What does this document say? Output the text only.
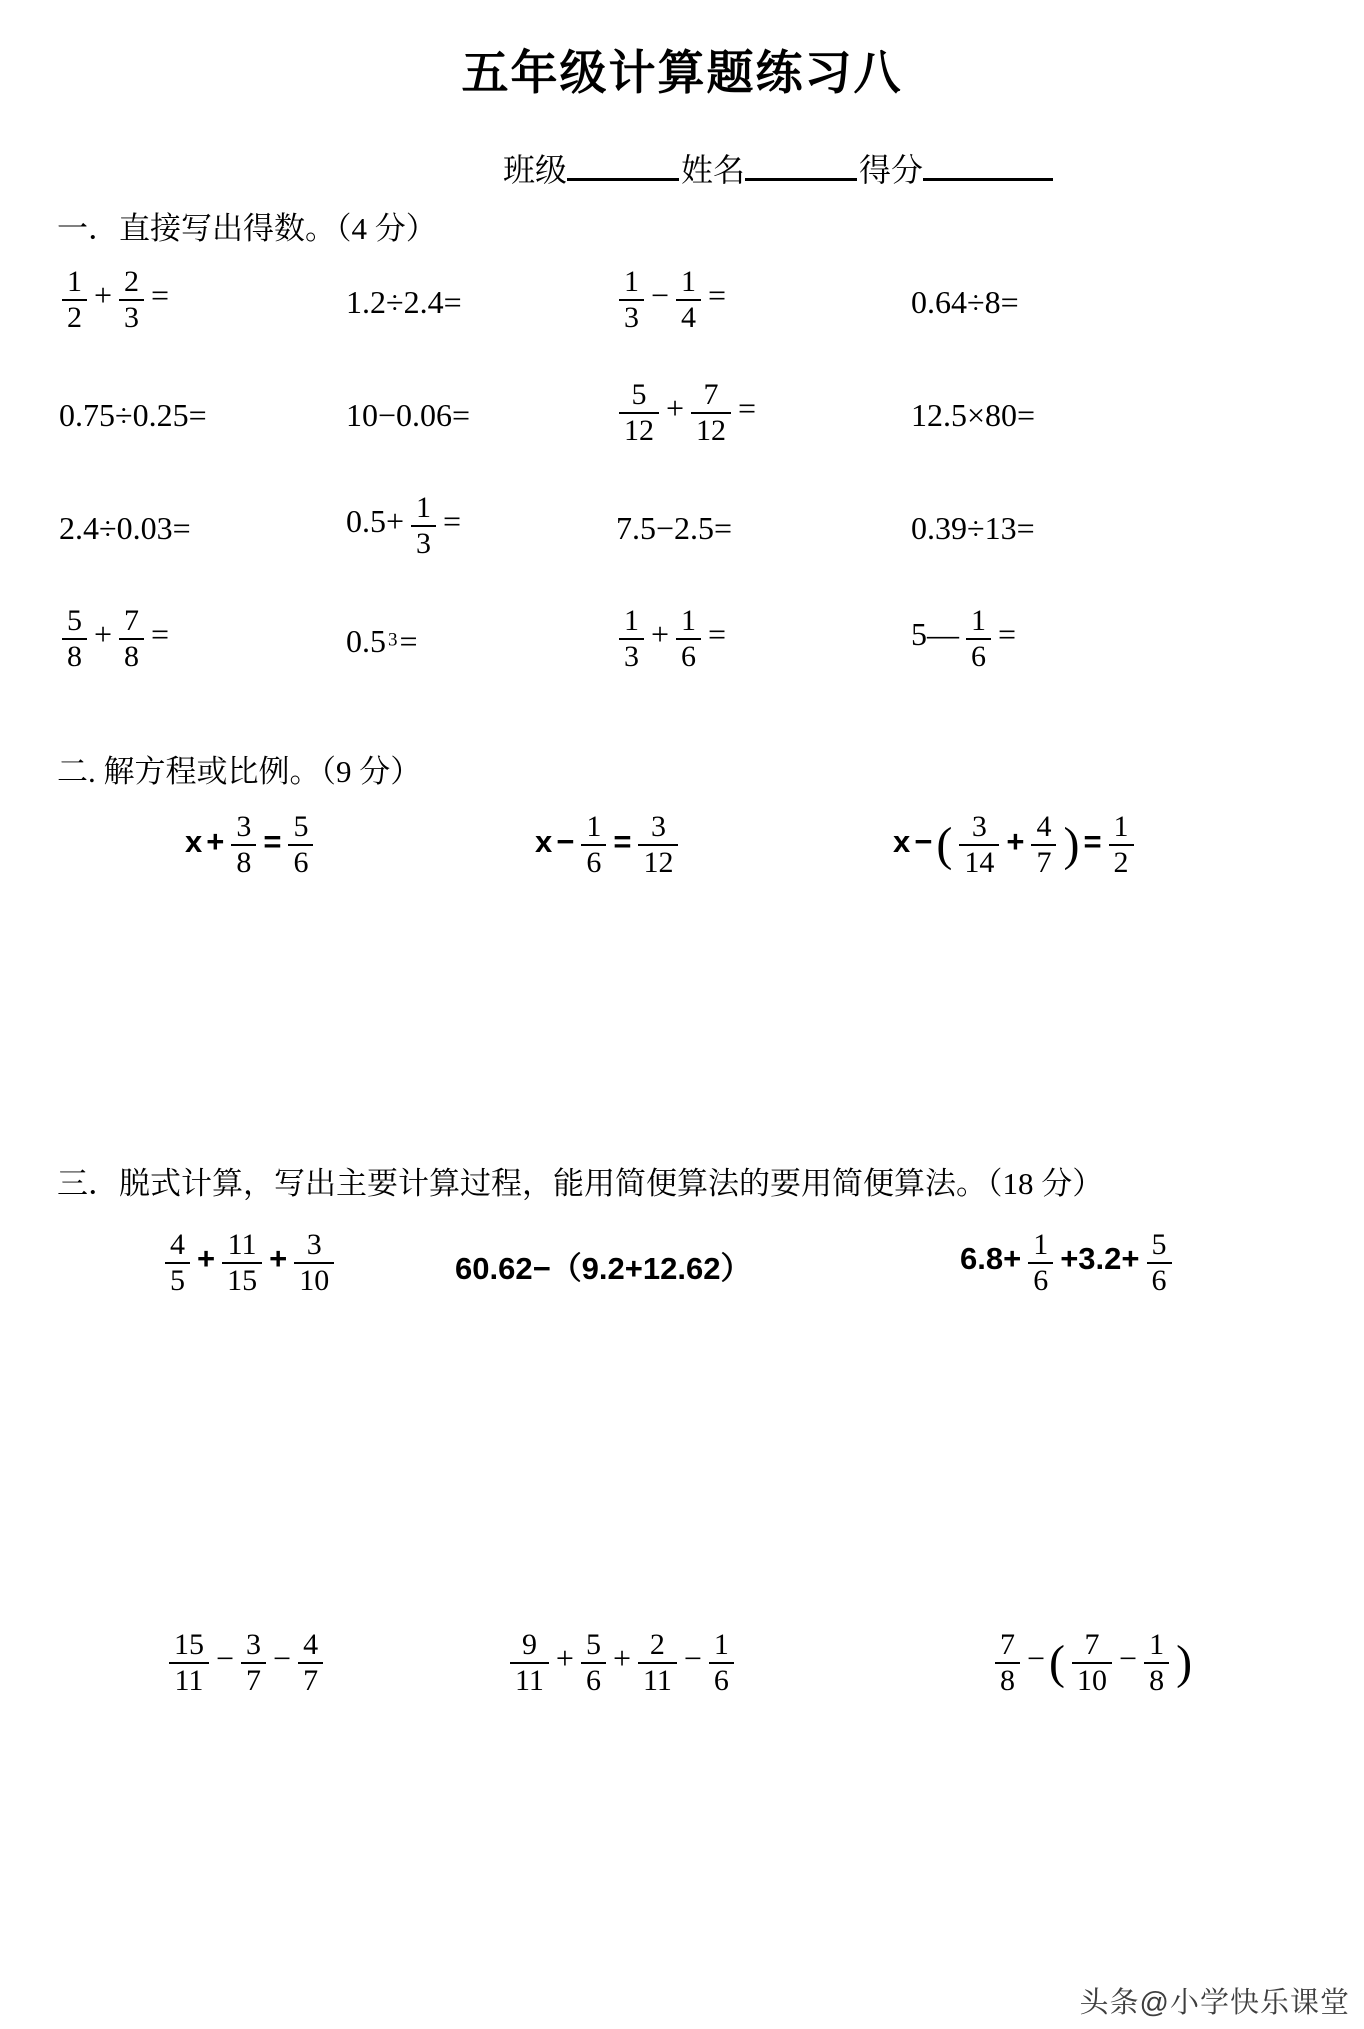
五年级计算题练习八
班级	姓名	得分
一．直接写出得数。（4 分）
$\frac{1}{2} + \frac{2}{3}$ =	1.2÷2.4=	$\frac{1}{3} - \frac{1}{4}$ =	0.64÷8=
0.75÷0.25=	10−0.06=	$\frac{5}{12} + \frac{7}{12}$ =	12.5×80=
2.4÷0.03=	$0.5+ \frac{1}{3}$ =	7.5−2.5=	0.39÷13=
$\frac{5}{8} + \frac{7}{8}$ =	0.5 $^3$=	$\frac{1}{3} + \frac{1}{6}$ =	5— $\frac{1}{6}$ =
二. 解方程或比例。（9 分）
$x + \frac{3}{8} = \frac{5}{6}$	$x - \frac{1}{6} = \frac{3}{12}$	x −( $\frac{3}{14} + \frac{4}{7}$ ) = $\frac{1}{2}$
三．脱式计算，写出主要计算过程，能用简便算法的要用简便算法。（18 分）
$\frac{4}{5} + \frac{11}{15} + \frac{3}{10}$	60.62−（9.2+12.62）	$6.8+ \frac{1}{6} +3.2+ \frac{5}{6}$
$\frac{15}{11} - \frac{3}{7} - \frac{4}{7}$	$\frac{9}{11} + \frac{5}{6} + \frac{2}{11} - \frac{1}{6}$	$\frac{7}{8}$ −( $\frac{7}{10} - \frac{1}{8}$ )
头条@小学快乐课堂
